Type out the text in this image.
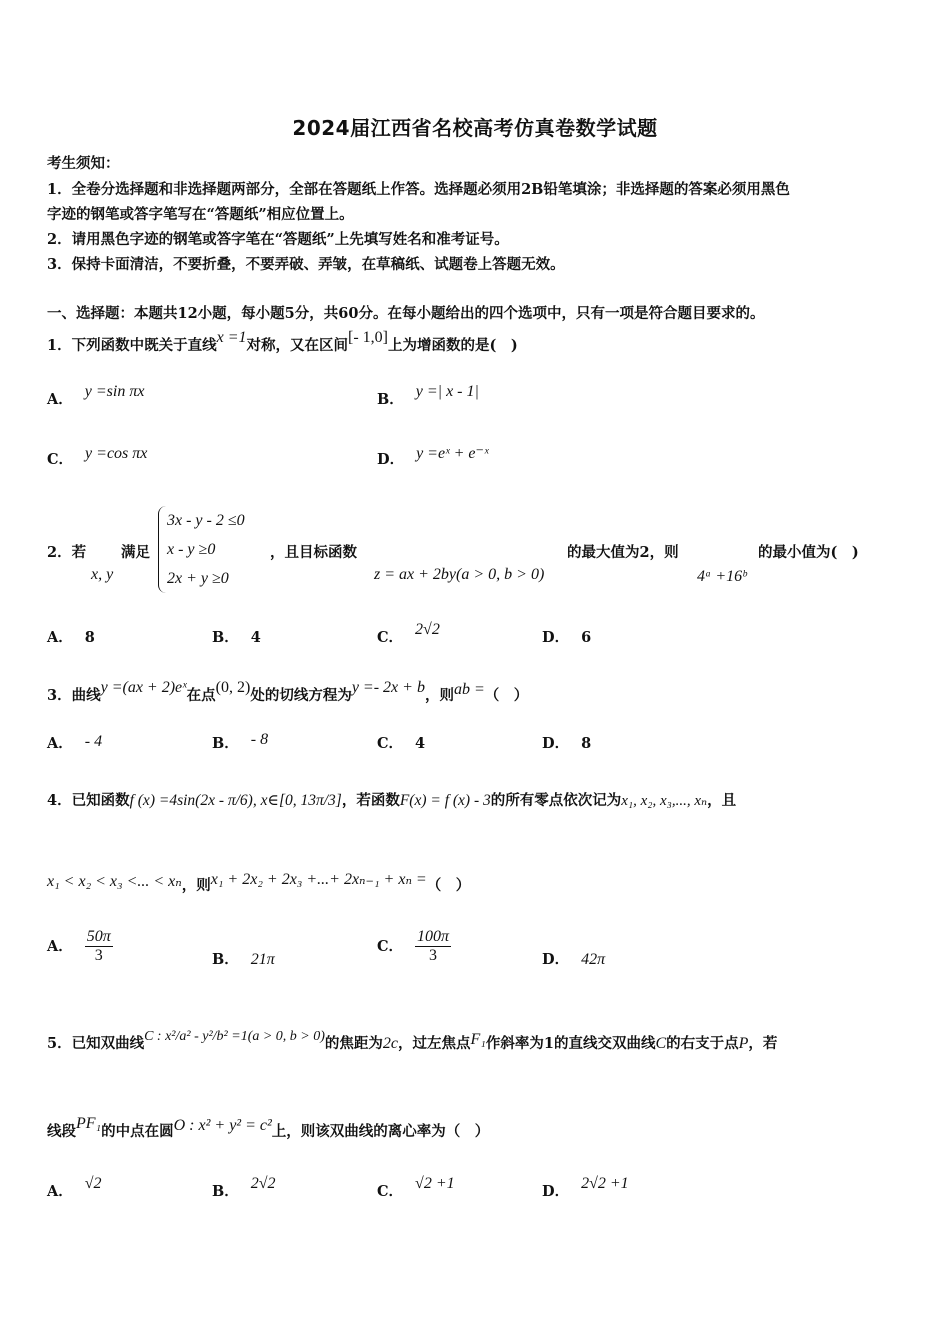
2024届江西省名校高考仿真卷数学试题
考生须知：
1．全卷分选择题和非选择题两部分，全部在答题纸上作答。选择题必须用2B铅笔填涂；非选择题的答案必须用黑色
字迹的钢笔或答字笔写在“答题纸”相应位置上。
2．请用黑色字迹的钢笔或答字笔在“答题纸”上先填写姓名和准考证号。
3．保持卡面清洁，不要折叠，不要弄破、弄皱，在草稿纸、试题卷上答题无效。
一、选择题：本题共12小题，每小题5分，共60分。在每小题给出的四个选项中，只有一项是符合题目要求的。
1．下列函数中既关于直线x =1对称，又在区间[- 1,0]上为增函数的是(　)
A． y =sin πx	B． y =| x - 1|
C． y =cos πx	D． y =eˣ + e⁻ˣ
2．若
x, y
满足
3x - y - 2 ≤0
x - y ≥0
2x + y ≥0
，且目标函数
z = ax + 2by(a > 0, b > 0)
的最大值为2，则
4ᵃ +16ᵇ
的最小值为(　)
A． 8	B． 4	C． 2√2	D． 6
3．曲线y =(ax + 2)eˣ在点(0, 2)处的切线方程为y =- 2x + b，则ab =（　）
A． - 4	B． - 8	C． 4	D． 8
4．已知函数f (x) =4sin(2x - π/6), x∈[0, 13π/3]，若函数F(x) = f (x) - 3的所有零点依次记为x₁, x₂, x₃,..., xₙ，且
x₁ < x₂ < x₃ <... < xₙ，则x₁ + 2x₂ + 2x₃ +...+ 2xₙ₋₁ + xₙ =（　）
A． $\frac{50\pi}{3}$	B． 21π
C． $\frac{100\pi}{3}$	D． 42π
5．已知双曲线C : x²/a² - y²/b² =1(a > 0, b > 0)的焦距为2c，过左焦点F₁作斜率为1的直线交双曲线C的右支于点P，若
线段PF₁的中点在圆O : x² + y² = c²上，则该双曲线的离心率为（　）
A． √2	B． 2√2	C． √2 +1	D． 2√2 +1
